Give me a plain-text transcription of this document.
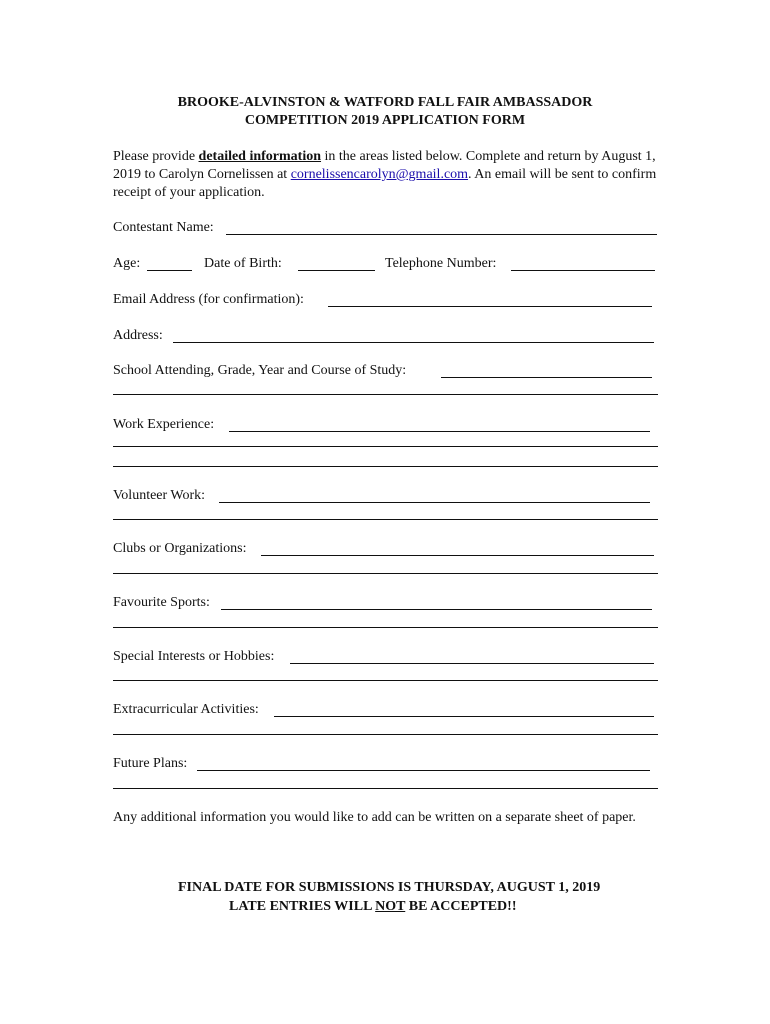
BROOKE-ALVINSTON & WATFORD FALL FAIR AMBASSADOR
COMPETITION 2019 APPLICATION FORM
Please provide detailed information in the areas listed below. Complete and return by August 1, 2019 to Carolyn Cornelissen at cornelissencarolyn@gmail.com. An email will be sent to confirm receipt of your application.
Contestant Name:
Age:	Date of Birth:	Telephone Number:
Email Address (for confirmation):
Address:
School Attending, Grade, Year and Course of Study:
Work Experience:
Volunteer Work:
Clubs or Organizations:
Favourite Sports:
Special Interests or Hobbies:
Extracurricular Activities:
Future Plans:
Any additional information you would like to add can be written on a separate sheet of paper.
FINAL DATE FOR SUBMISSIONS IS THURSDAY, AUGUST 1, 2019
LATE ENTRIES WILL NOT BE ACCEPTED!!
